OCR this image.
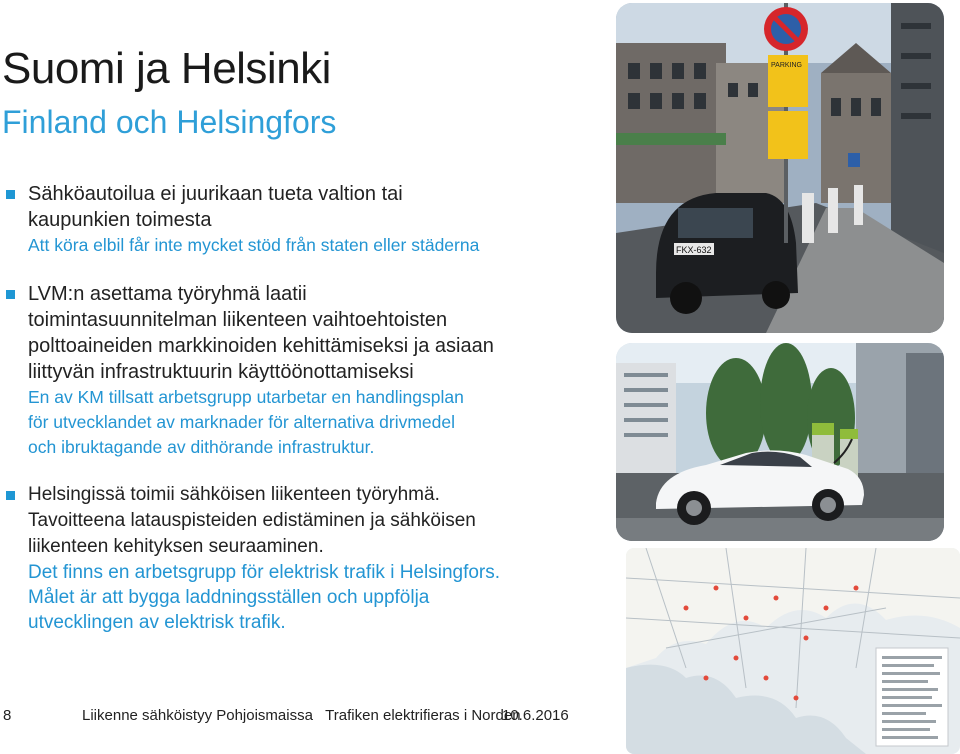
Suomi ja Helsinki
Finland och Helsingfors
Sähköautoilua ei juurikaan tueta valtion tai
kaupunkien toimesta
Att köra elbil får inte mycket stöd från staten eller städerna
LVM:n asettama työryhmä laatii
toimintasuunnitelman liikenteen vaihtoehtoisten
polttoaineiden markkinoiden kehittämiseksi ja asiaan
liittyvän infrastruktuurin käyttöönottamiseksi
En av KM tillsatt arbetsgrupp utarbetar en handlingsplan
för utvecklandet av marknader för alternativa drivmedel
och ibruktagande av dithörande infrastruktur.
Helsingissä toimii sähköisen liikenteen työryhmä.
Tavoitteena latauspisteiden edistäminen ja sähköisen
liikenteen kehityksen seuraaminen.
Det finns en arbetsgrupp för elektrisk trafik i Helsingfors.
Målet är att bygga laddningsställen och uppfölja
utvecklingen av elektrisk trafik.
FKX-632
PARKING
8	Liikenne sähköistyy Pohjoismaissa   Trafiken elektrifieras i Norden
10.6.2016
